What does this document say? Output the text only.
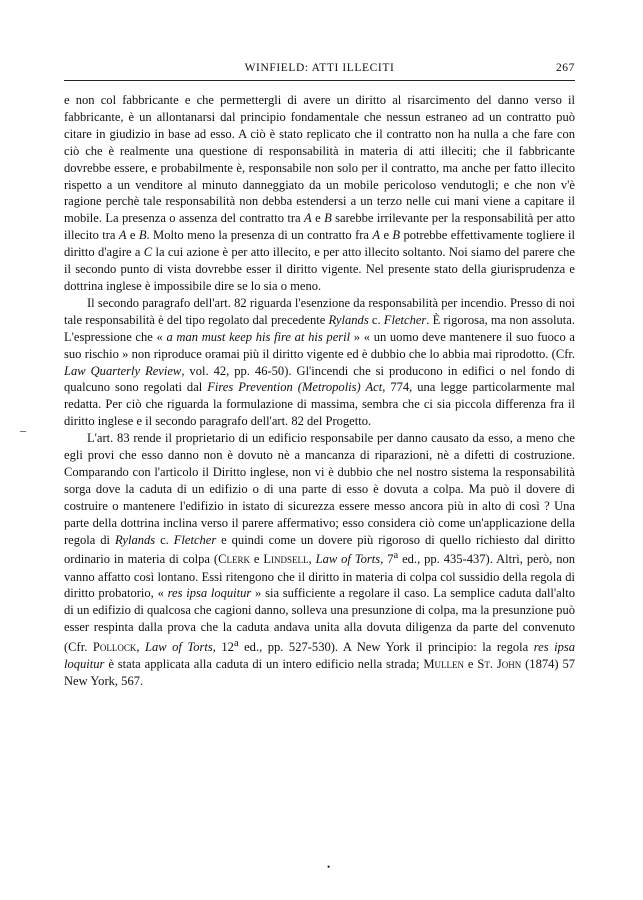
WINFIELD: ATTI ILLECITI	267
–

e non col fabbricante e che permettergli di avere un diritto al risarcimento del danno verso il fabbricante, è un allontanarsi dal principio fondamentale che nessun estraneo ad un contratto può citare in giudizio in base ad esso. A ciò è stato replicato che il contratto non ha nulla a che fare con ciò che è realmente una questione di responsabilità in materia di atti illeciti; che il fabbricante dovrebbe essere, e probabilmente è, responsabile non solo per il contratto, ma anche per fatto illecito rispetto a un venditore al minuto danneggiato da un mobile pericoloso vendutogli; e che non v'è ragione perchè tale responsabilità non debba estendersi a un terzo nelle cui mani viene a capitare il mobile. La presenza o assenza del contratto tra A e B sarebbe irrilevante per la responsabilità per atto illecito tra A e B. Molto meno la presenza di un contratto fra A e B potrebbe effettivamente togliere il diritto d'agire a C la cui azione è per atto illecito, e per atto illecito soltanto. Noi siamo del parere che il secondo punto di vista dovrebbe esser il diritto vigente. Nel presente stato della giurisprudenza e dottrina inglese è impossibile dire se lo sia o meno.

Il secondo paragrafo dell'art. 82 riguarda l'esenzione da responsabilità per incendio. Presso di noi tale responsabilità è del tipo regolato dal precedente Rylands c. Fletcher. È rigorosa, ma non assoluta. L'espressione che « a man must keep his fire at his peril » « un uomo deve mantenere il suo fuoco a suo rischio » non riproduce oramai più il diritto vigente ed è dubbio che lo abbia mai riprodotto. (Cfr. Law Quarterly Review, vol. 42, pp. 46-50). Gl'incendi che si producono in edifici o nel fondo di qualcuno sono regolati dal Fires Prevention (Metropolis) Act, 774, una legge particolarmente mal redatta. Per ciò che riguarda la formulazione di massima, sembra che ci sia piccola differenza fra il diritto inglese e il secondo paragrafo dell'art. 82 del Progetto.

L'art. 83 rende il proprietario di un edificio responsabile per danno causato da esso, a meno che egli provi che esso danno non è dovuto nè a mancanza di riparazioni, nè a difetti di costruzione. Comparando con l'articolo il Diritto inglese, non vi è dubbio che nel nostro sistema la responsabilità sorga dove la caduta di un edifizio o di una parte di esso è dovuta a colpa. Ma può il dovere di costruire o mantenere l'edifizio in istato di sicurezza essere messo ancora più in alto di così ? Una parte della dottrina inclina verso il parere affermativo; esso considera ciò come un'applicazione della regola di Rylands c. Fletcher e quindi come un dovere più rigoroso di quello richiesto dal diritto ordinario in materia di colpa (Clerk e Lindsell, Law of Torts, 7$^a$ ed., pp. 435-437). Altri, però, non vanno affatto così lontano. Essi ritengono che il diritto in materia di colpa col sussidio della regola di diritto probatorio, « res ipsa loquitur » sia sufficiente a regolare il caso. La semplice caduta dall'alto di un edifizio di qualcosa che cagioni danno, solleva una presunzione di colpa, ma la presunzione può esser respinta dalla prova che la caduta andava unita alla dovuta diligenza da parte del convenuto (Cfr. Pollock, Law of Torts, 12$^a$ ed., pp. 527-530). A New York il principio: la regola res ipsa loquitur è stata applicata alla caduta di un intero edificio nella strada; Mullen e St. John (1874) 57 New York, 567.

•
